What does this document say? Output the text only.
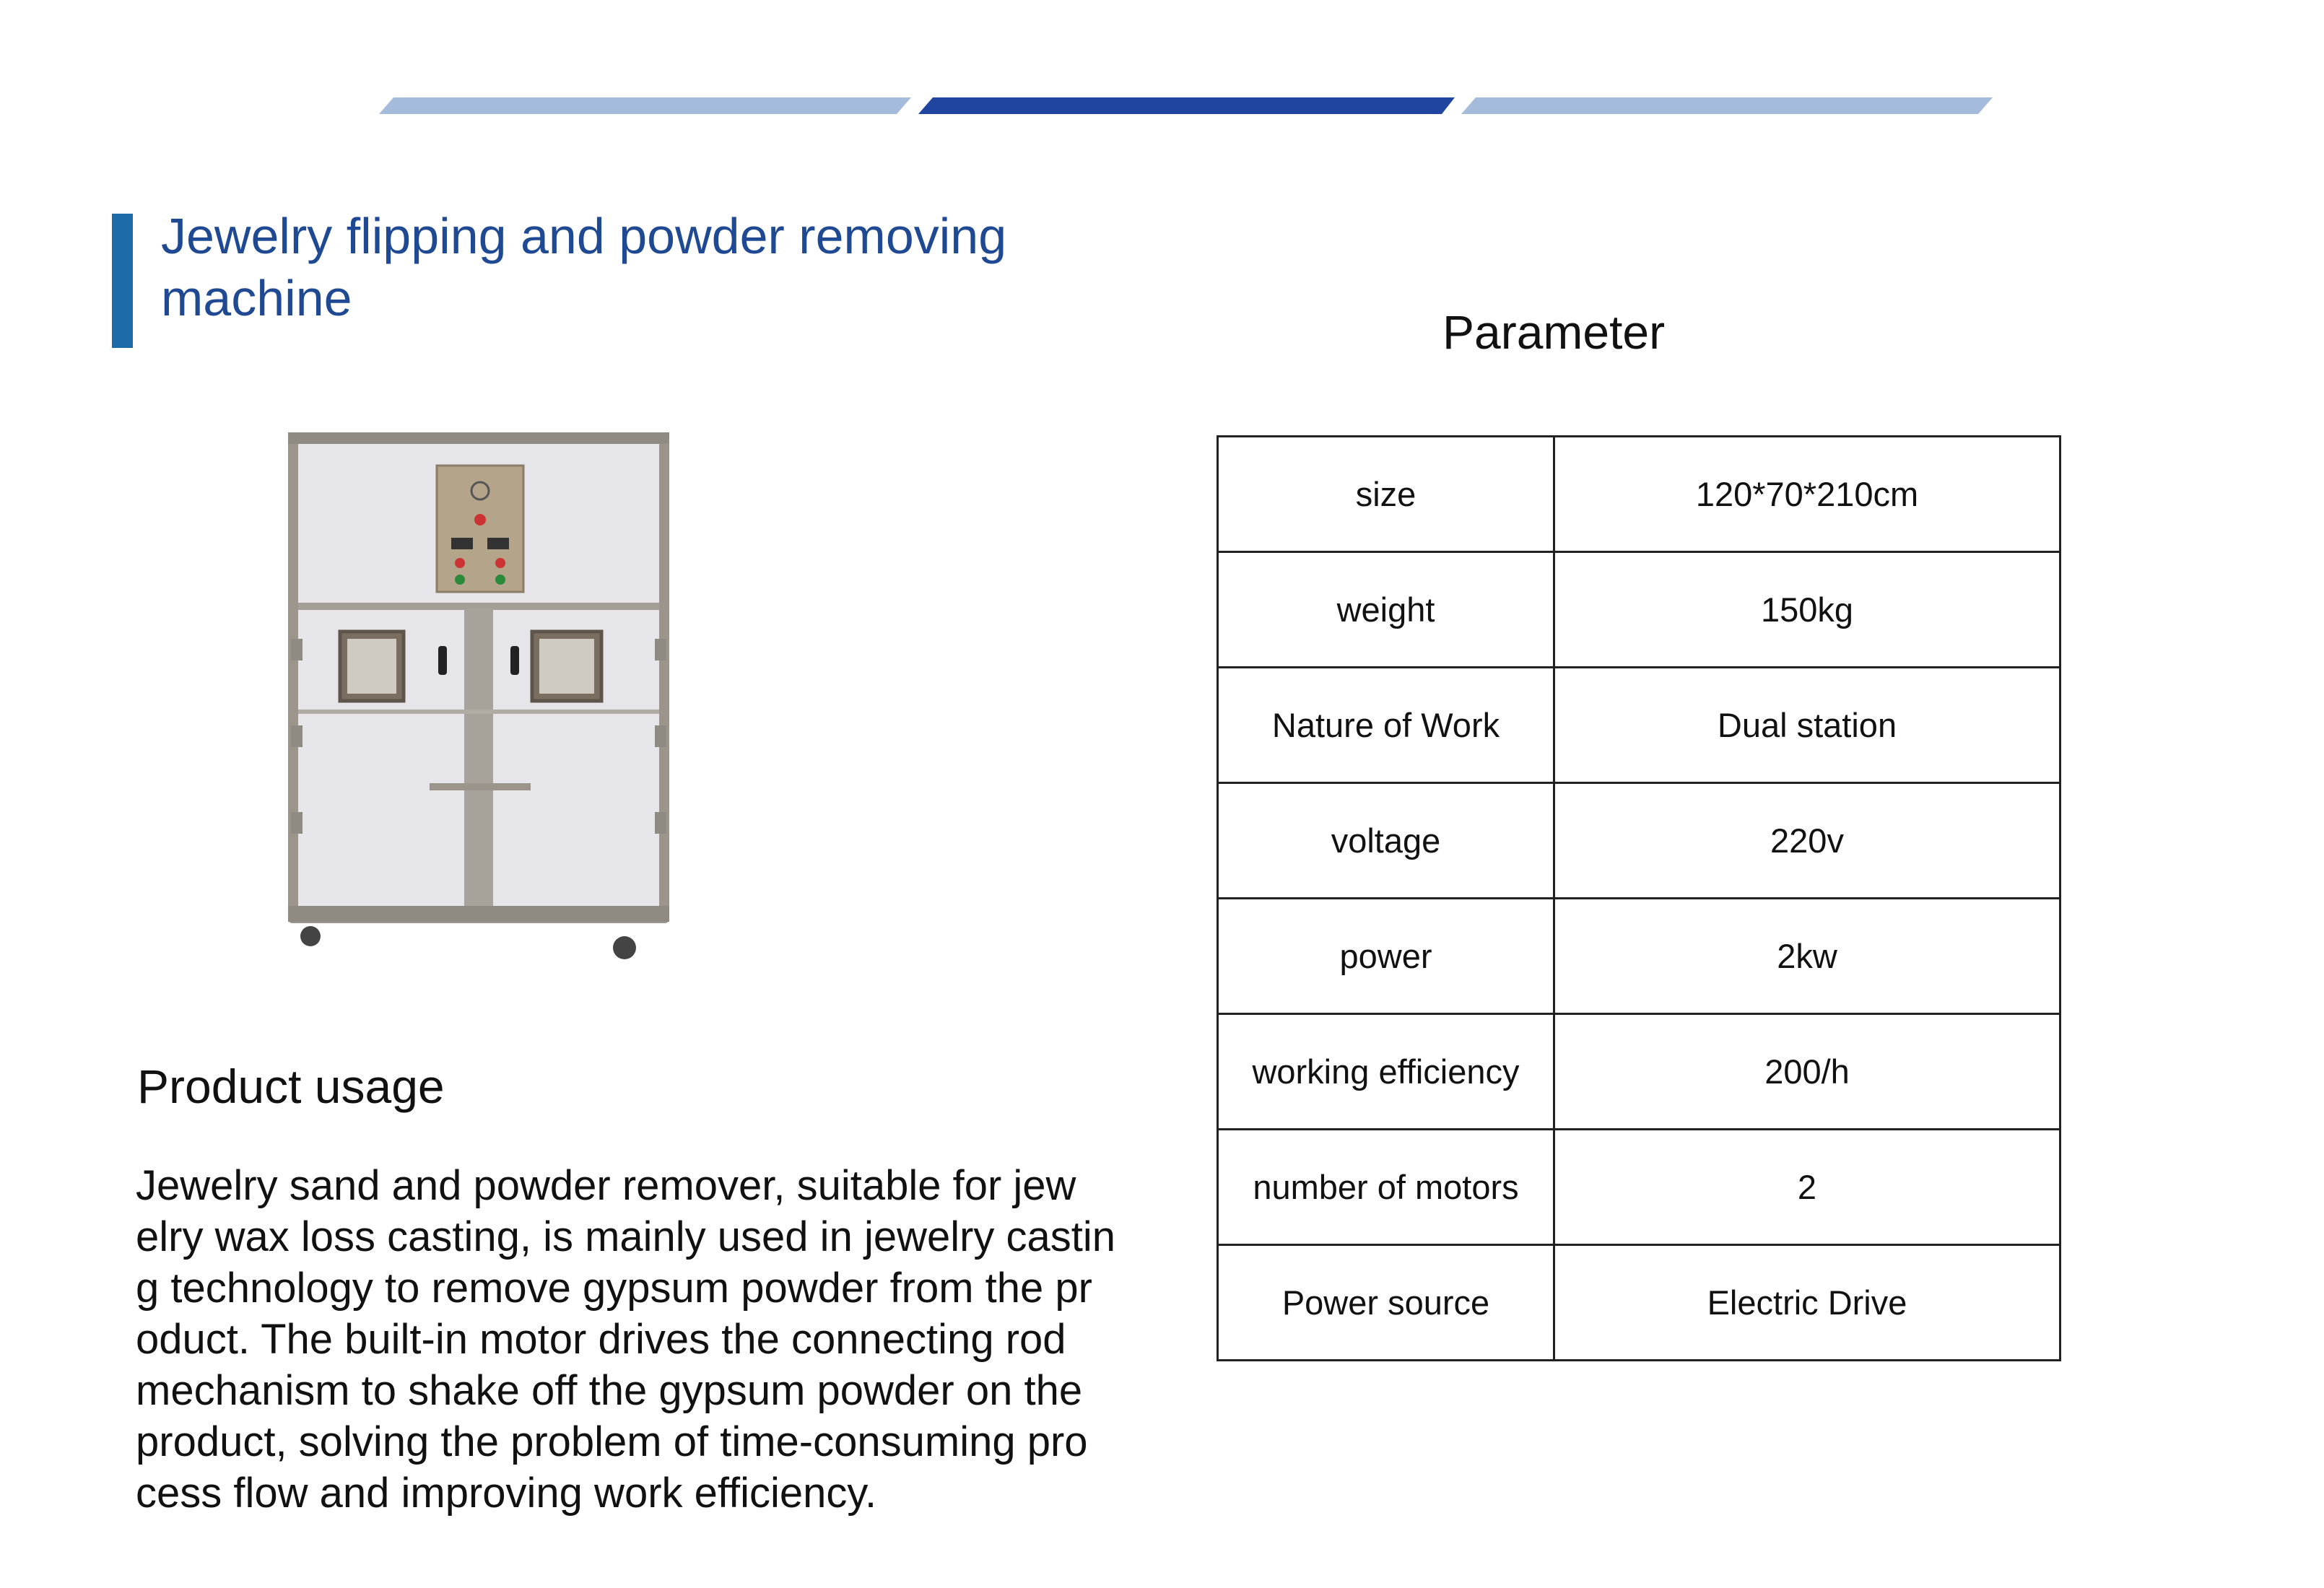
Jewelry flipping and powder removing machine
Product usage

Jewelry sand and powder remover, suitable for jew
elry wax loss casting, is mainly used in jewelry castin
g technology to remove gypsum powder from the pr
oduct. The built-in motor drives the connecting rod
mechanism to shake off the gypsum powder on the
product, solving the problem of time-consuming pro
cess flow and improving work efficiency.

Parameter
size	120*70*210cm
weight	150kg
Nature of Work	Dual station
voltage	220v
power	2kw
working efficiency	200/h
number of motors	2
Power source	Electric Drive
